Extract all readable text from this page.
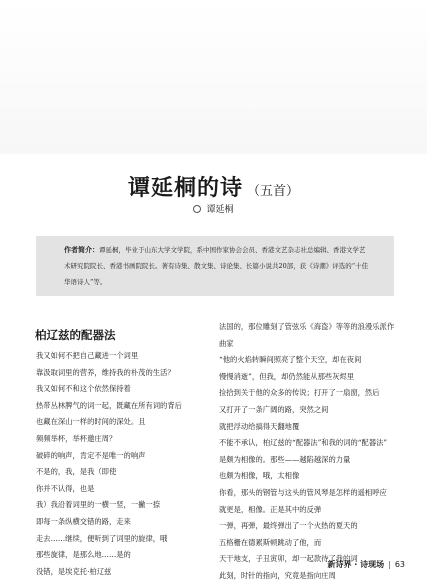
谭延桐的诗 （五首）
谭延桐
作者简介：谭延桐，毕业于山东大学文学院，系中国作家协会会员、香港文艺杂志社总编辑、香港文学艺
术研究院院长、香港书画院院长。著有诗集、散文集、诗论集、长篇小说共20部，获《诗潮》评选的“十佳
华语诗人”等。
柏辽兹的配器法
我又如何不把自己藏进一个词里
靠汲取词里的营养，维持我的朴茂的生活？
我又如何不和这个依然保持着
热带丛林脾气的词一起，既藏在所有词的背后
也藏在深山一样的时间的深处。且
频频举杯，举杯邀庄周？
破碎的响声，肯定不是唯一的响声
不是的，我，是我（即使
你并不认得，也是
我）我沿着词里的一横一竖，一撇一捺
即每一条纵横交错的路，走来
走去……继续，便听到了词里的旋律，哦
那些旋律，是那么地……是的
没错，是埃克托·柏辽兹
法国的，那位雕刻了管弦乐《海盗》等等的浪漫乐派作
曲家
“他的火焰转瞬间照亮了整个天空，却在夜间
慢慢消逝”，但我，却仍然能从那些灰烬里
捡拾到关于他的众多的传说；打开了一扇窗，然后
又打开了一条广阔的路，突然之间
就把浮动给搞得天翻地覆
不能不承认，柏辽兹的“配器法”和我的词的“配器法”
是颇为相像的。那些——越陷越深的力量
也颇为相像，哦，太相像
你看，那头的钢管与这头的管风琴是怎样的遥相呼应
就更是，相像。正是其中的反弹
一弹，再弹，最终弹出了一个火热的夏天的
五格栅在德累斯顿跳动了他，而
天干地支，子丑寅卯，却一起款待了我的词
此刻，时针的指向，究竟是指向庄周
新诗界 · 诗现场 | 63
